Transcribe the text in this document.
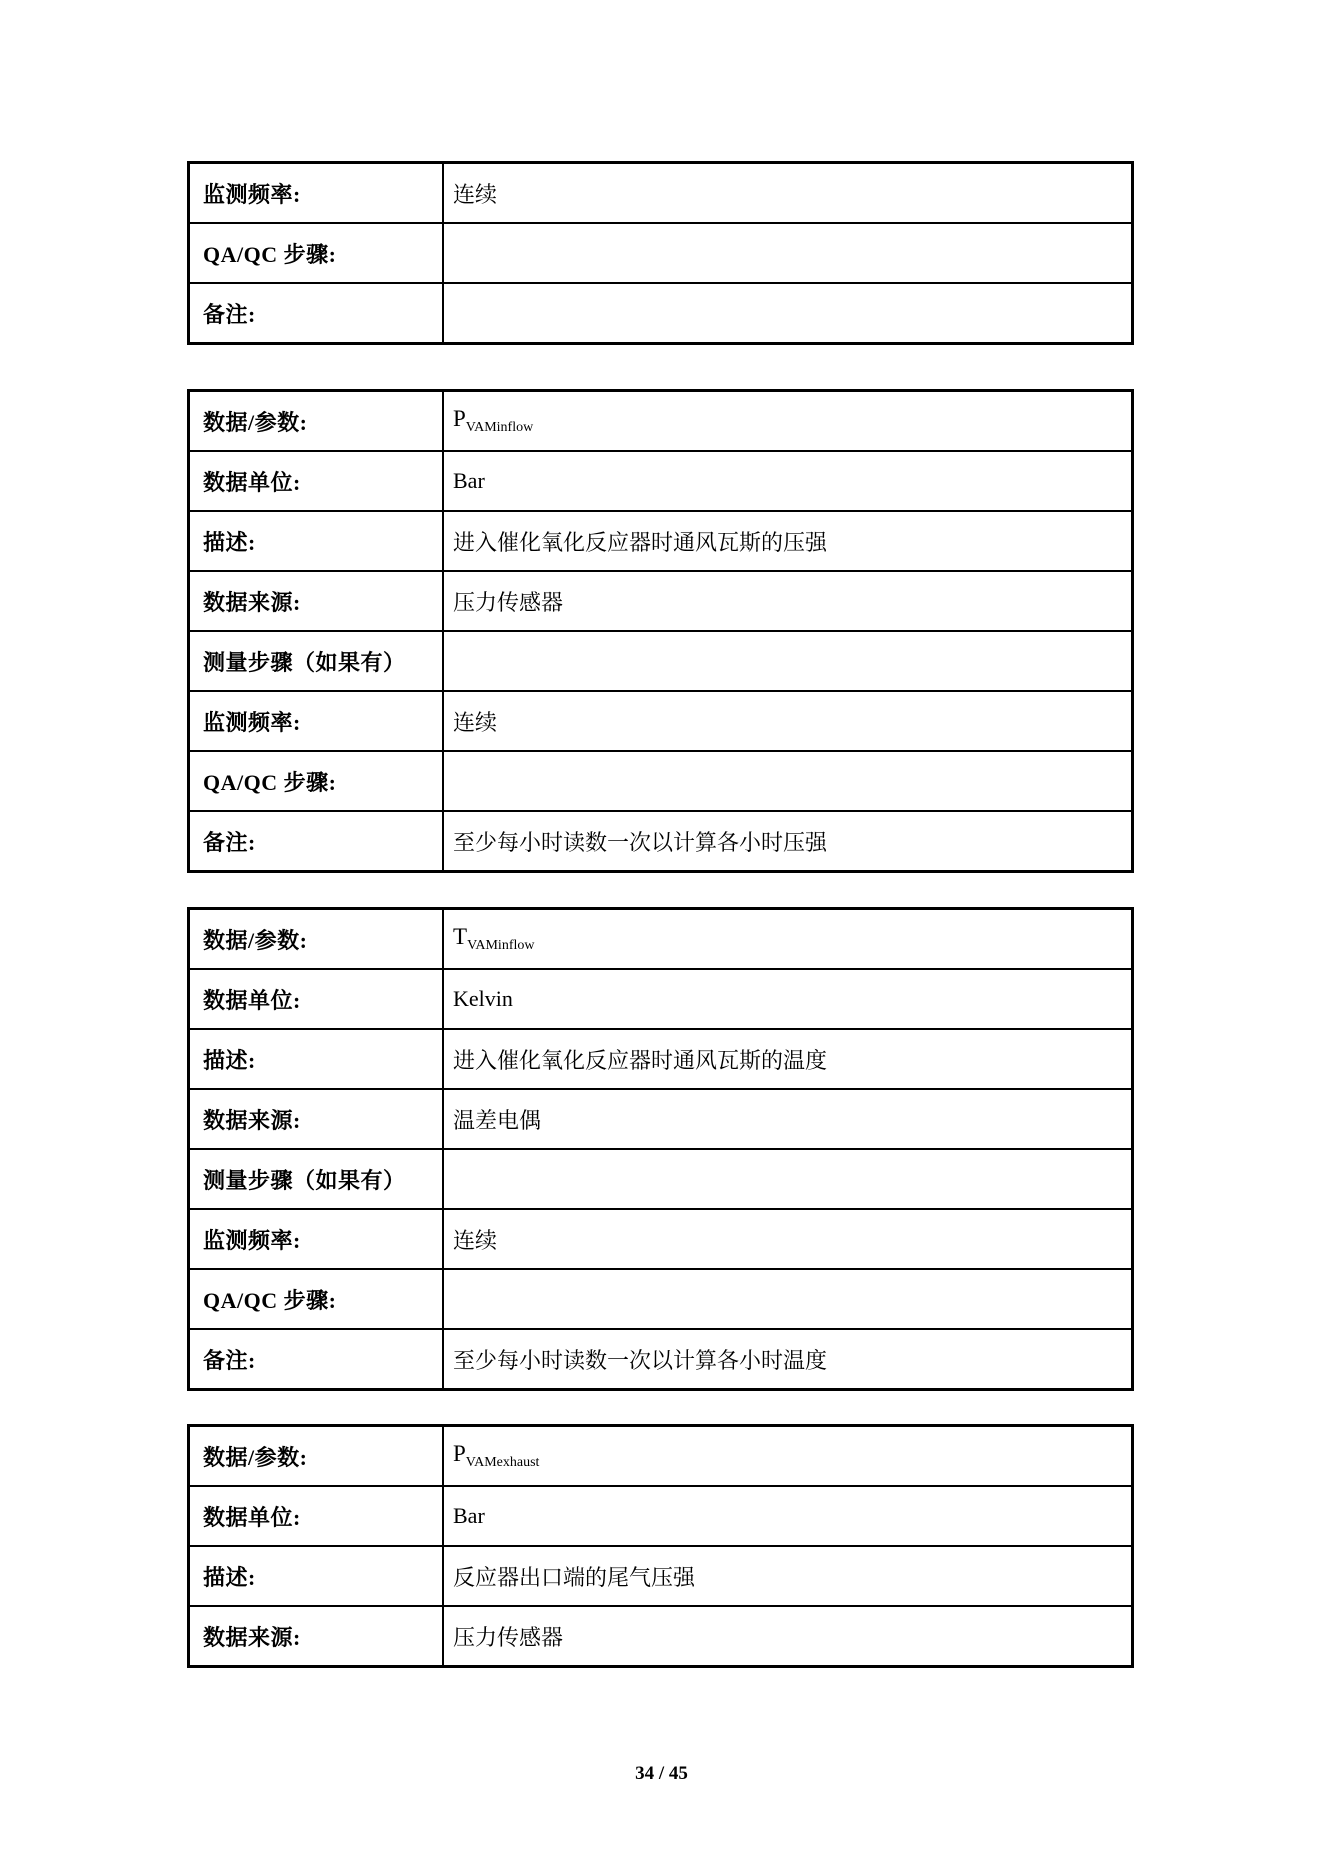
监测频率:	连续
QA/QC 步骤:	
备注:	
数据/参数:	$P_{VAMinflow}$
数据单位:	Bar
描述:	进入催化氧化反应器时通风瓦斯的压强
数据来源:	压力传感器
测量步骤（如果有）	
监测频率:	连续
QA/QC 步骤:	
备注:	至少每小时读数一次以计算各小时压强
数据/参数:	$T_{VAMinflow}$
数据单位:	Kelvin
描述:	进入催化氧化反应器时通风瓦斯的温度
数据来源:	温差电偶
测量步骤（如果有）	
监测频率:	连续
QA/QC 步骤:	
备注:	至少每小时读数一次以计算各小时温度
数据/参数:	$P_{VAMexhaust}$
数据单位:	Bar
描述:	反应器出口端的尾气压强
数据来源:	压力传感器
34 / 45
